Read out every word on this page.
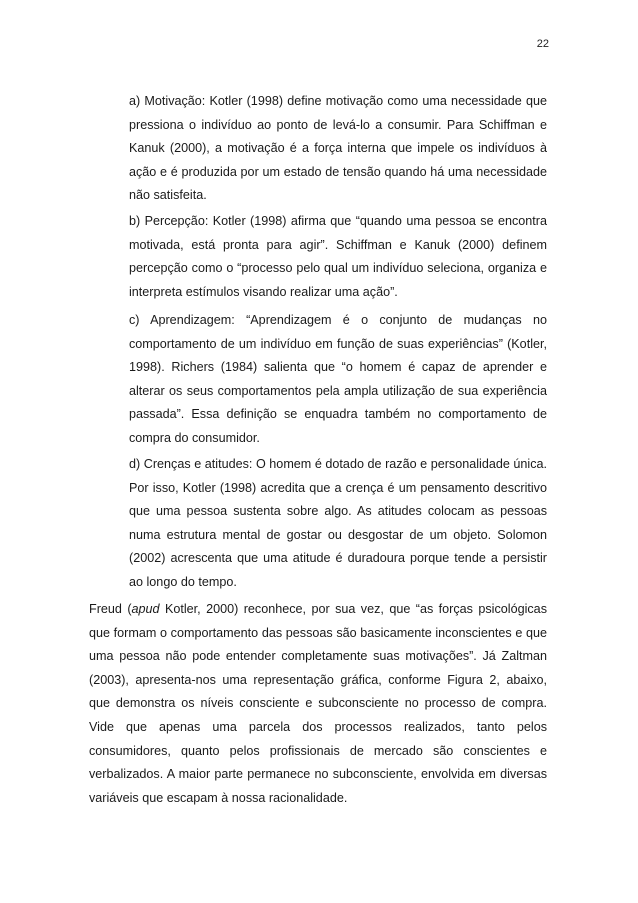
22

a) Motivação: Kotler (1998) define motivação como uma necessidade que pressiona o indivíduo ao ponto de levá-lo a consumir. Para Schiffman e Kanuk (2000), a motivação é a força interna que impele os indivíduos à ação e é produzida por um estado de tensão quando há uma necessidade não satisfeita.

b) Percepção: Kotler (1998) afirma que “quando uma pessoa se encontra motivada, está pronta para agir”. Schiffman e Kanuk (2000) definem percepção como o “processo pelo qual um indivíduo seleciona, organiza e interpreta estímulos visando realizar uma ação”.

c) Aprendizagem: “Aprendizagem é o conjunto de mudanças no comportamento de um indivíduo em função de suas experiências” (Kotler, 1998). Richers (1984) salienta que “o homem é capaz de aprender e alterar os seus comportamentos pela ampla utilização de sua experiência passada”. Essa definição se enquadra também no comportamento de compra do consumidor.

d) Crenças e atitudes: O homem é dotado de razão e personalidade única. Por isso, Kotler (1998) acredita que a crença é um pensamento descritivo que uma pessoa sustenta sobre algo. As atitudes colocam as pessoas numa estrutura mental de gostar ou desgostar de um objeto. Solomon (2002) acrescenta que uma atitude é duradoura porque tende a persistir ao longo do tempo.

Freud (apud Kotler, 2000) reconhece, por sua vez, que “as forças psicológicas que formam o comportamento das pessoas são basicamente inconscientes e que uma pessoa não pode entender completamente suas motivações”. Já Zaltman (2003), apresenta-nos uma representação gráfica, conforme Figura 2, abaixo, que demonstra os níveis consciente e subconsciente no processo de compra. Vide que apenas uma parcela dos processos realizados, tanto pelos consumidores, quanto pelos profissionais de mercado são conscientes e verbalizados. A maior parte permanece no subconsciente, envolvida em diversas variáveis que escapam à nossa racionalidade.
